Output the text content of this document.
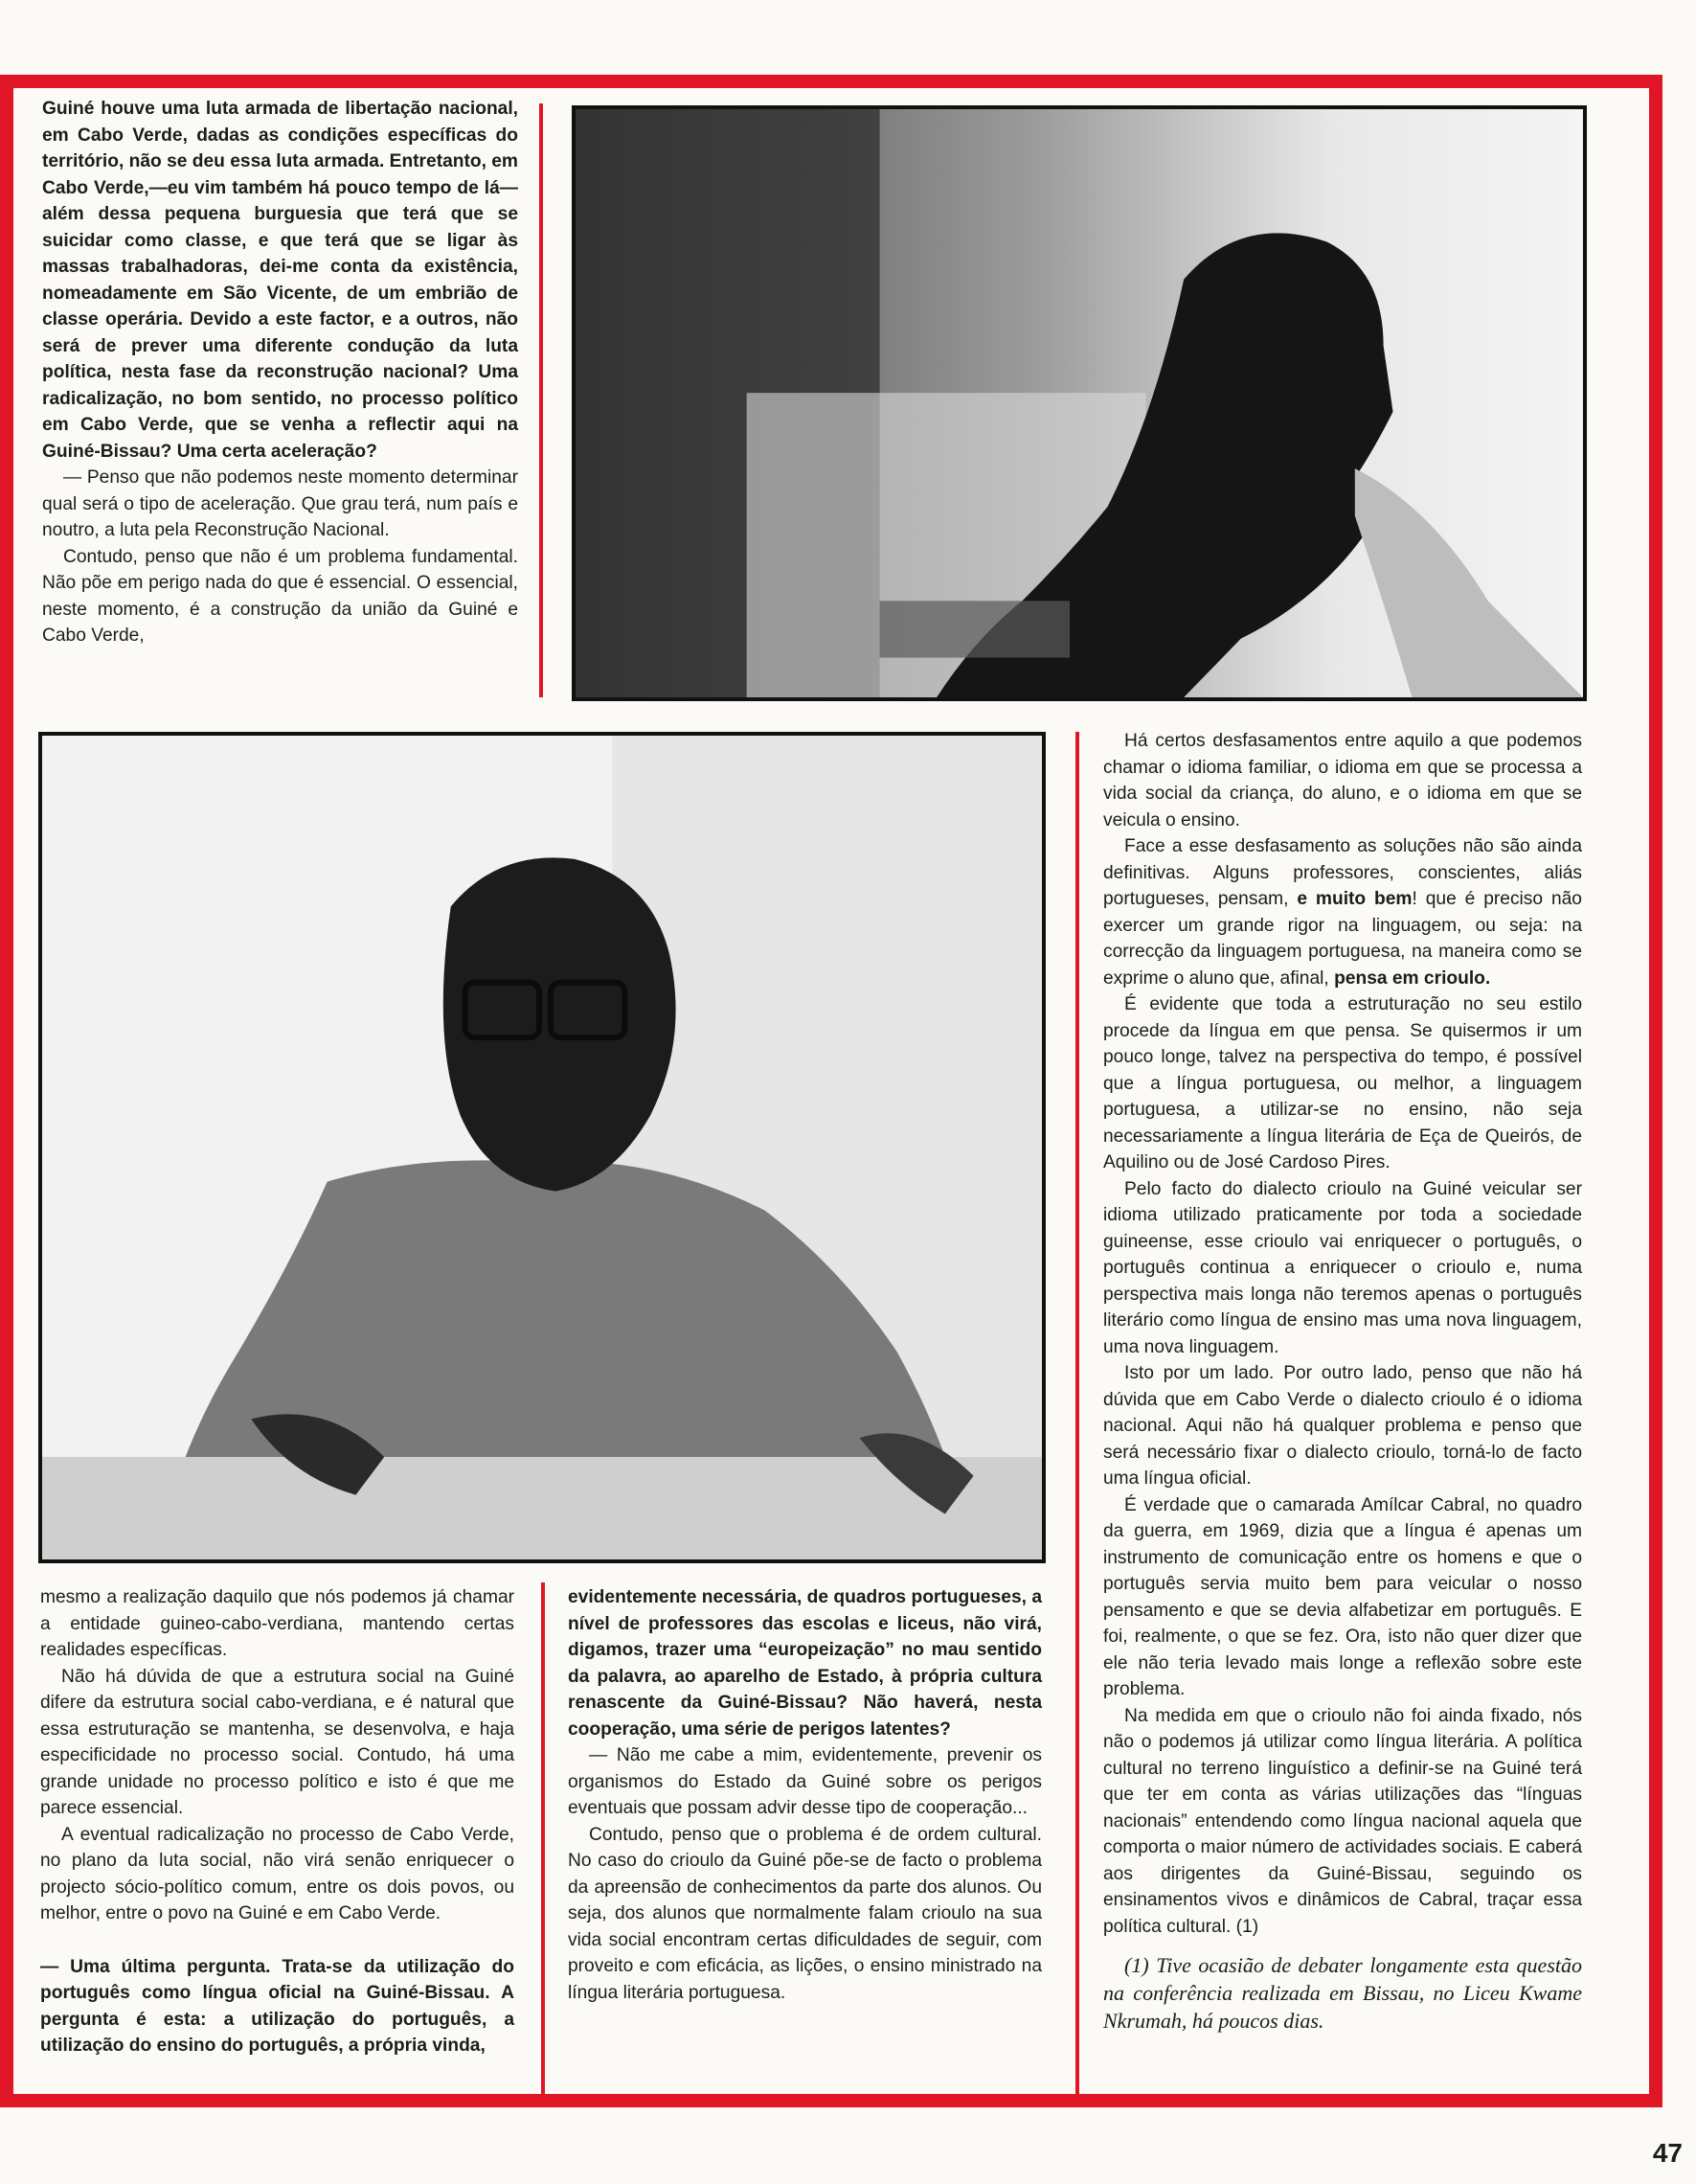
Guiné houve uma luta armada de libertação nacional, em Cabo Verde, dadas as condições específicas do território, não se deu essa luta armada. Entretanto, em Cabo Verde,—eu vim também há pouco tempo de lá—além dessa pequena burguesia que terá que se suicidar como classe, e que terá que se ligar às massas trabalhadoras, dei-me conta da existência, nomeadamente em São Vicente, de um embrião de classe operária. Devido a este factor, e a outros, não será de prever uma diferente condução da luta política, nesta fase da reconstrução nacional? Uma radicalização, no bom sentido, no processo político em Cabo Verde, que se venha a reflectir aqui na Guiné-Bissau? Uma certa aceleração?

— Penso que não podemos neste momento determinar qual será o tipo de aceleração. Que grau terá, num país e noutro, a luta pela Reconstrução Nacional.

Contudo, penso que não é um problema fundamental. Não põe em perigo nada do que é essencial. O essencial, neste momento, é a construção da união da Guiné e Cabo Verde,

mesmo a realização daquilo que nós podemos já chamar a entidade guineo-cabo-verdiana, mantendo certas realidades específicas.

Não há dúvida de que a estrutura social na Guiné difere da estrutura social cabo-verdiana, e é natural que essa estruturação se mantenha, se desenvolva, e haja especificidade no processo social. Contudo, há uma grande unidade no processo político e isto é que me parece essencial.

A eventual radicalização no processo de Cabo Verde, no plano da luta social, não virá senão enriquecer o projecto sócio-político comum, entre os dois povos, ou melhor, entre o povo na Guiné e em Cabo Verde.

— Uma última pergunta. Trata-se da utilização do português como língua oficial na Guiné-Bissau. A pergunta é esta: a utilização do português, a utilização do ensino do português, a própria vinda,

evidentemente necessária, de quadros portugueses, a nível de professores das escolas e liceus, não virá, digamos, trazer uma “europeização” no mau sentido da palavra, ao aparelho de Estado, à própria cultura renascente da Guiné-Bissau? Não haverá, nesta cooperação, uma série de perigos latentes?

— Não me cabe a mim, evidentemente, prevenir os organismos do Estado da Guiné sobre os perigos eventuais que possam advir desse tipo de cooperação...

Contudo, penso que o problema é de ordem cultural. No caso do crioulo da Guiné põe-se de facto o problema da apreensão de conhecimentos da parte dos alunos. Ou seja, dos alunos que normalmente falam crioulo na sua vida social encontram certas dificuldades de seguir, com proveito e com eficácia, as lições, o ensino ministrado na língua literária portuguesa.

Há certos desfasamentos entre aquilo a que podemos chamar o idioma familiar, o idioma em que se processa a vida social da criança, do aluno, e o idioma em que se veicula o ensino.

Face a esse desfasamento as soluções não são ainda definitivas. Alguns professores, conscientes, aliás portugueses, pensam, e muito bem! que é preciso não exercer um grande rigor na linguagem, ou seja: na correcção da linguagem portuguesa, na maneira como se exprime o aluno que, afinal, pensa em crioulo.

É evidente que toda a estruturação no seu estilo procede da língua em que pensa. Se quisermos ir um pouco longe, talvez na perspectiva do tempo, é possível que a língua portuguesa, ou melhor, a linguagem portuguesa, a utilizar-se no ensino, não seja necessariamente a língua literária de Eça de Queirós, de Aquilino ou de José Cardoso Pires.

Pelo facto do dialecto crioulo na Guiné veicular ser idioma utilizado praticamente por toda a sociedade guineense, esse crioulo vai enriquecer o português, o português continua a enriquecer o crioulo e, numa perspectiva mais longa não teremos apenas o português literário como língua de ensino mas uma nova linguagem, uma nova linguagem.

Isto por um lado. Por outro lado, penso que não há dúvida que em Cabo Verde o dialecto crioulo é o idioma nacional. Aqui não há qualquer problema e penso que será necessário fixar o dialecto crioulo, torná-lo de facto uma língua oficial.

É verdade que o camarada Amílcar Cabral, no quadro da guerra, em 1969, dizia que a língua é apenas um instrumento de comunicação entre os homens e que o português servia muito bem para veicular o nosso pensamento e que se devia alfabetizar em português. E foi, realmente, o que se fez. Ora, isto não quer dizer que ele não teria levado mais longe a reflexão sobre este problema.

Na medida em que o crioulo não foi ainda fixado, nós não o podemos já utilizar como língua literária. A política cultural no terreno linguístico a definir-se na Guiné terá que ter em conta as várias utilizações das “línguas nacionais” entendendo como língua nacional aquela que comporta o maior número de actividades sociais. E caberá aos dirigentes da Guiné-Bissau, seguindo os ensinamentos vivos e dinâmicos de Cabral, traçar essa política cultural. (1)

(1) Tive ocasião de debater longamente esta questão na conferência realizada em Bissau, no Liceu Kwame Nkrumah, há poucos dias.

47
